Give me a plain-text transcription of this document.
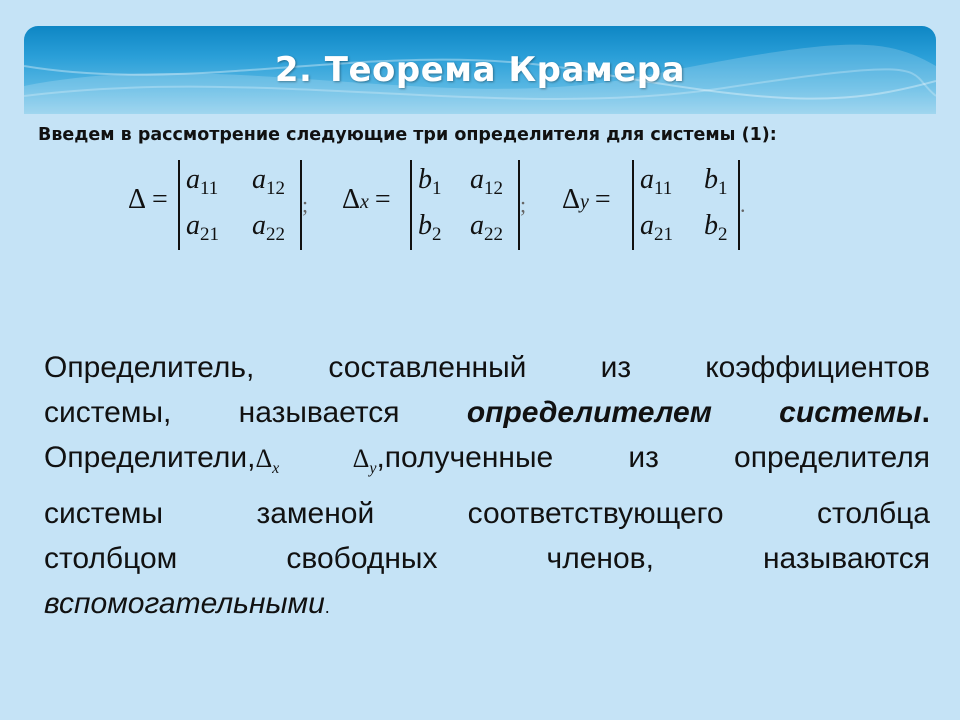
2. Теорема Крамера
Введем в рассмотрение следующие три определителя для системы (1):
Δ =
$a_{11}$ $a_{12}$
$a_{21}$ $a_{22}$
; Δx =
$b_1$ $a_{12}$
$b_2$ $a_{22}$
; Δy =
$a_{11}$ $b_1$
$a_{21}$ $b_2$
.
Определитель, составленный из коэффициентов
системы, называется определителем системы.
$Определители,\Delta_x$	$\Delta_y,полученные$ из определителя
системы заменой соответствующего столбца
столбцом свободных членов, называются
вспомогательными.
